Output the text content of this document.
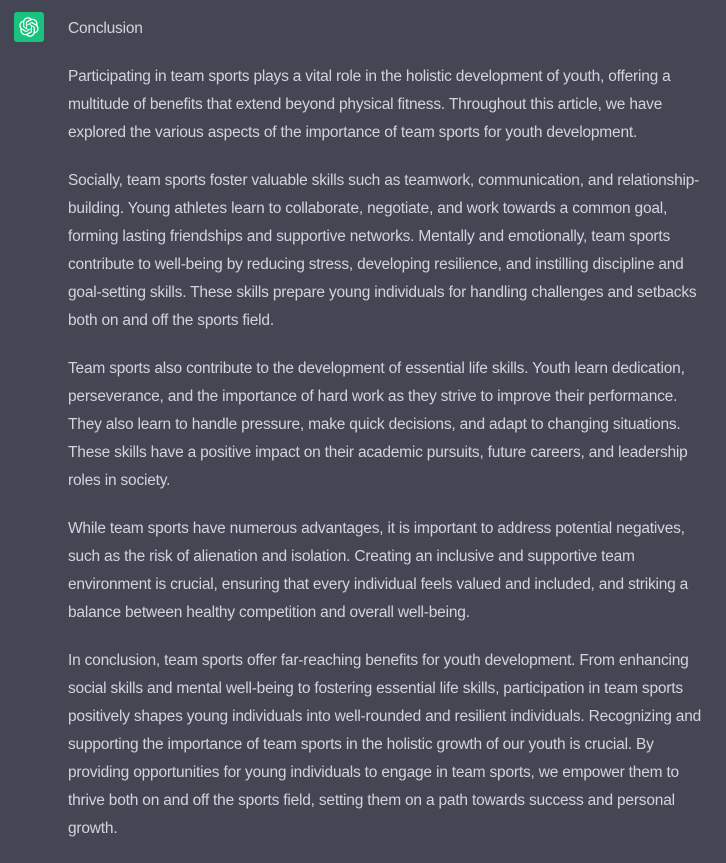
Conclusion

Participating in team sports plays a vital role in the holistic development of youth, offering a multitude of benefits that extend beyond physical fitness. Throughout this article, we have explored the various aspects of the importance of team sports for youth development.

Socially, team sports foster valuable skills such as teamwork, communication, and relationship-building. Young athletes learn to collaborate, negotiate, and work towards a common goal, forming lasting friendships and supportive networks. Mentally and emotionally, team sports contribute to well-being by reducing stress, developing resilience, and instilling discipline and goal-setting skills. These skills prepare young individuals for handling challenges and setbacks both on and off the sports field.

Team sports also contribute to the development of essential life skills. Youth learn dedication, perseverance, and the importance of hard work as they strive to improve their performance. They also learn to handle pressure, make quick decisions, and adapt to changing situations. These skills have a positive impact on their academic pursuits, future careers, and leadership roles in society.

While team sports have numerous advantages, it is important to address potential negatives, such as the risk of alienation and isolation. Creating an inclusive and supportive team environment is crucial, ensuring that every individual feels valued and included, and striking a balance between healthy competition and overall well-being.

In conclusion, team sports offer far-reaching benefits for youth development. From enhancing social skills and mental well-being to fostering essential life skills, participation in team sports positively shapes young individuals into well-rounded and resilient individuals. Recognizing and supporting the importance of team sports in the holistic growth of our youth is crucial. By providing opportunities for young individuals to engage in team sports, we empower them to thrive both on and off the sports field, setting them on a path towards success and personal growth.
